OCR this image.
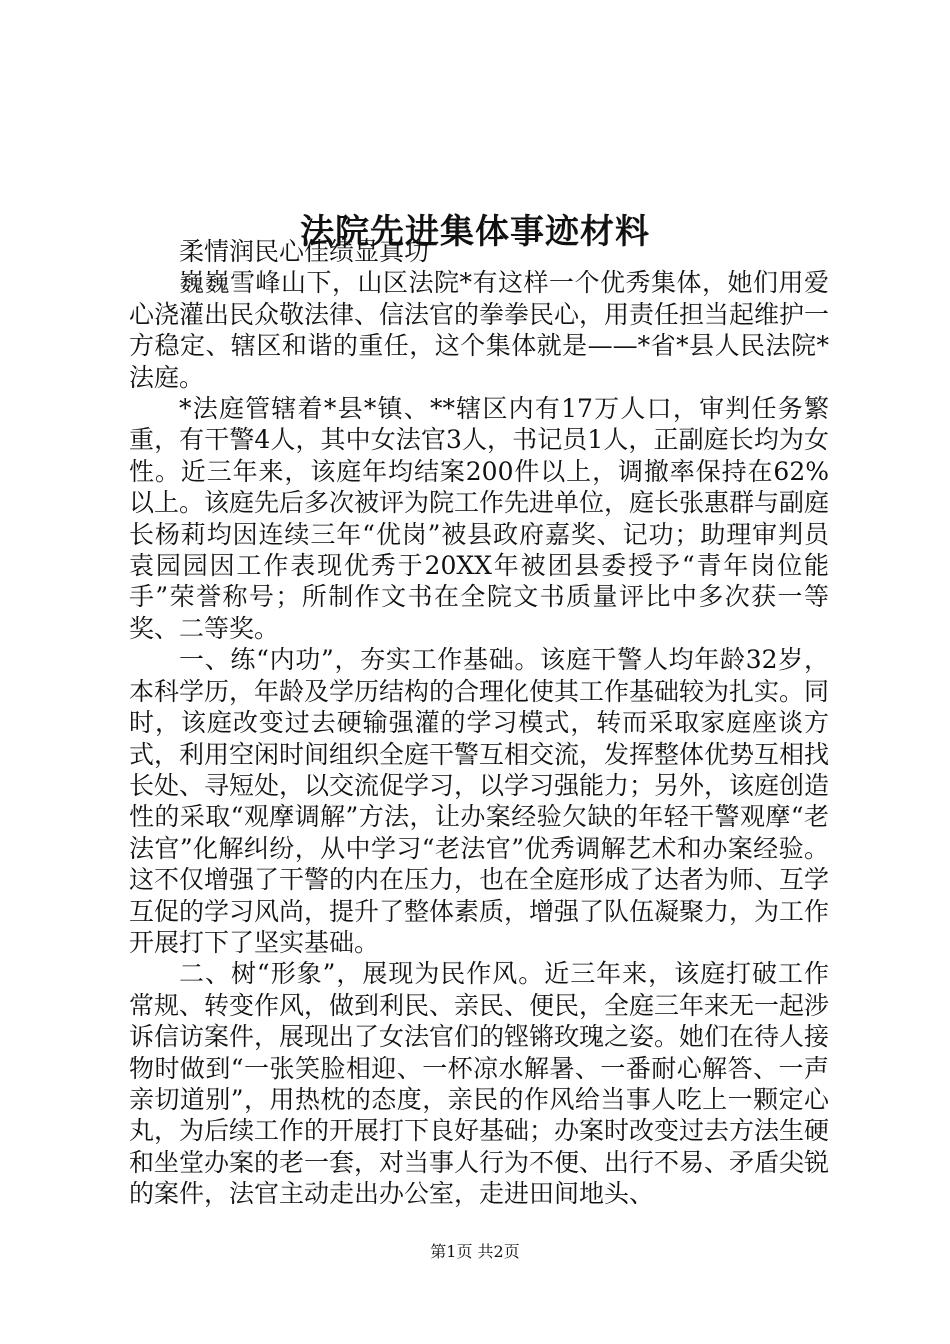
法院先进集体事迹材料

柔情润民心佳绩显真功

巍巍雪峰山下，山区法院*有这样一个优秀集体，她们用爱心浇灌出民众敬法律、信法官的拳拳民心，用责任担当起维护一方稳定、辖区和谐的重任，这个集体就是——*省*县人民法院*法庭。

*法庭管辖着*县*镇、**辖区内有17万人口，审判任务繁重，有干警4人，其中女法官3人，书记员1人，正副庭长均为女性。近三年来，该庭年均结案200件以上，调撤率保持在62%以上。该庭先后多次被评为院工作先进单位，庭长张惠群与副庭长杨莉均因连续三年“优岗”被县政府嘉奖、记功；助理审判员袁园园因工作表现优秀于20XX年被团县委授予“青年岗位能手”荣誉称号；所制作文书在全院文书质量评比中多次获一等奖、二等奖。

一、练“内功”，夯实工作基础。该庭干警人均年龄32岁，本科学历，年龄及学历结构的合理化使其工作基础较为扎实。同时，该庭改变过去硬输强灌的学习模式，转而采取家庭座谈方式，利用空闲时间组织全庭干警互相交流，发挥整体优势互相找长处、寻短处，以交流促学习，以学习强能力；另外，该庭创造性的采取“观摩调解”方法，让办案经验欠缺的年轻干警观摩“老法官”化解纠纷，从中学习“老法官”优秀调解艺术和办案经验。这不仅增强了干警的内在压力，也在全庭形成了达者为师、互学互促的学习风尚，提升了整体素质，增强了队伍凝聚力，为工作开展打下了坚实基础。

二、树“形象”，展现为民作风。近三年来，该庭打破工作常规、转变作风，做到利民、亲民、便民，全庭三年来无一起涉诉信访案件，展现出了女法官们的铿锵玫瑰之姿。她们在待人接物时做到“一张笑脸相迎、一杯凉水解暑、一番耐心解答、一声亲切道别”，用热枕的态度，亲民的作风给当事人吃上一颗定心丸，为后续工作的开展打下良好基础；办案时改变过去方法生硬和坐堂办案的老一套，对当事人行为不便、出行不易、矛盾尖锐的案件，法官主动走出办公室，走进田间地头、

第1页 共2页
